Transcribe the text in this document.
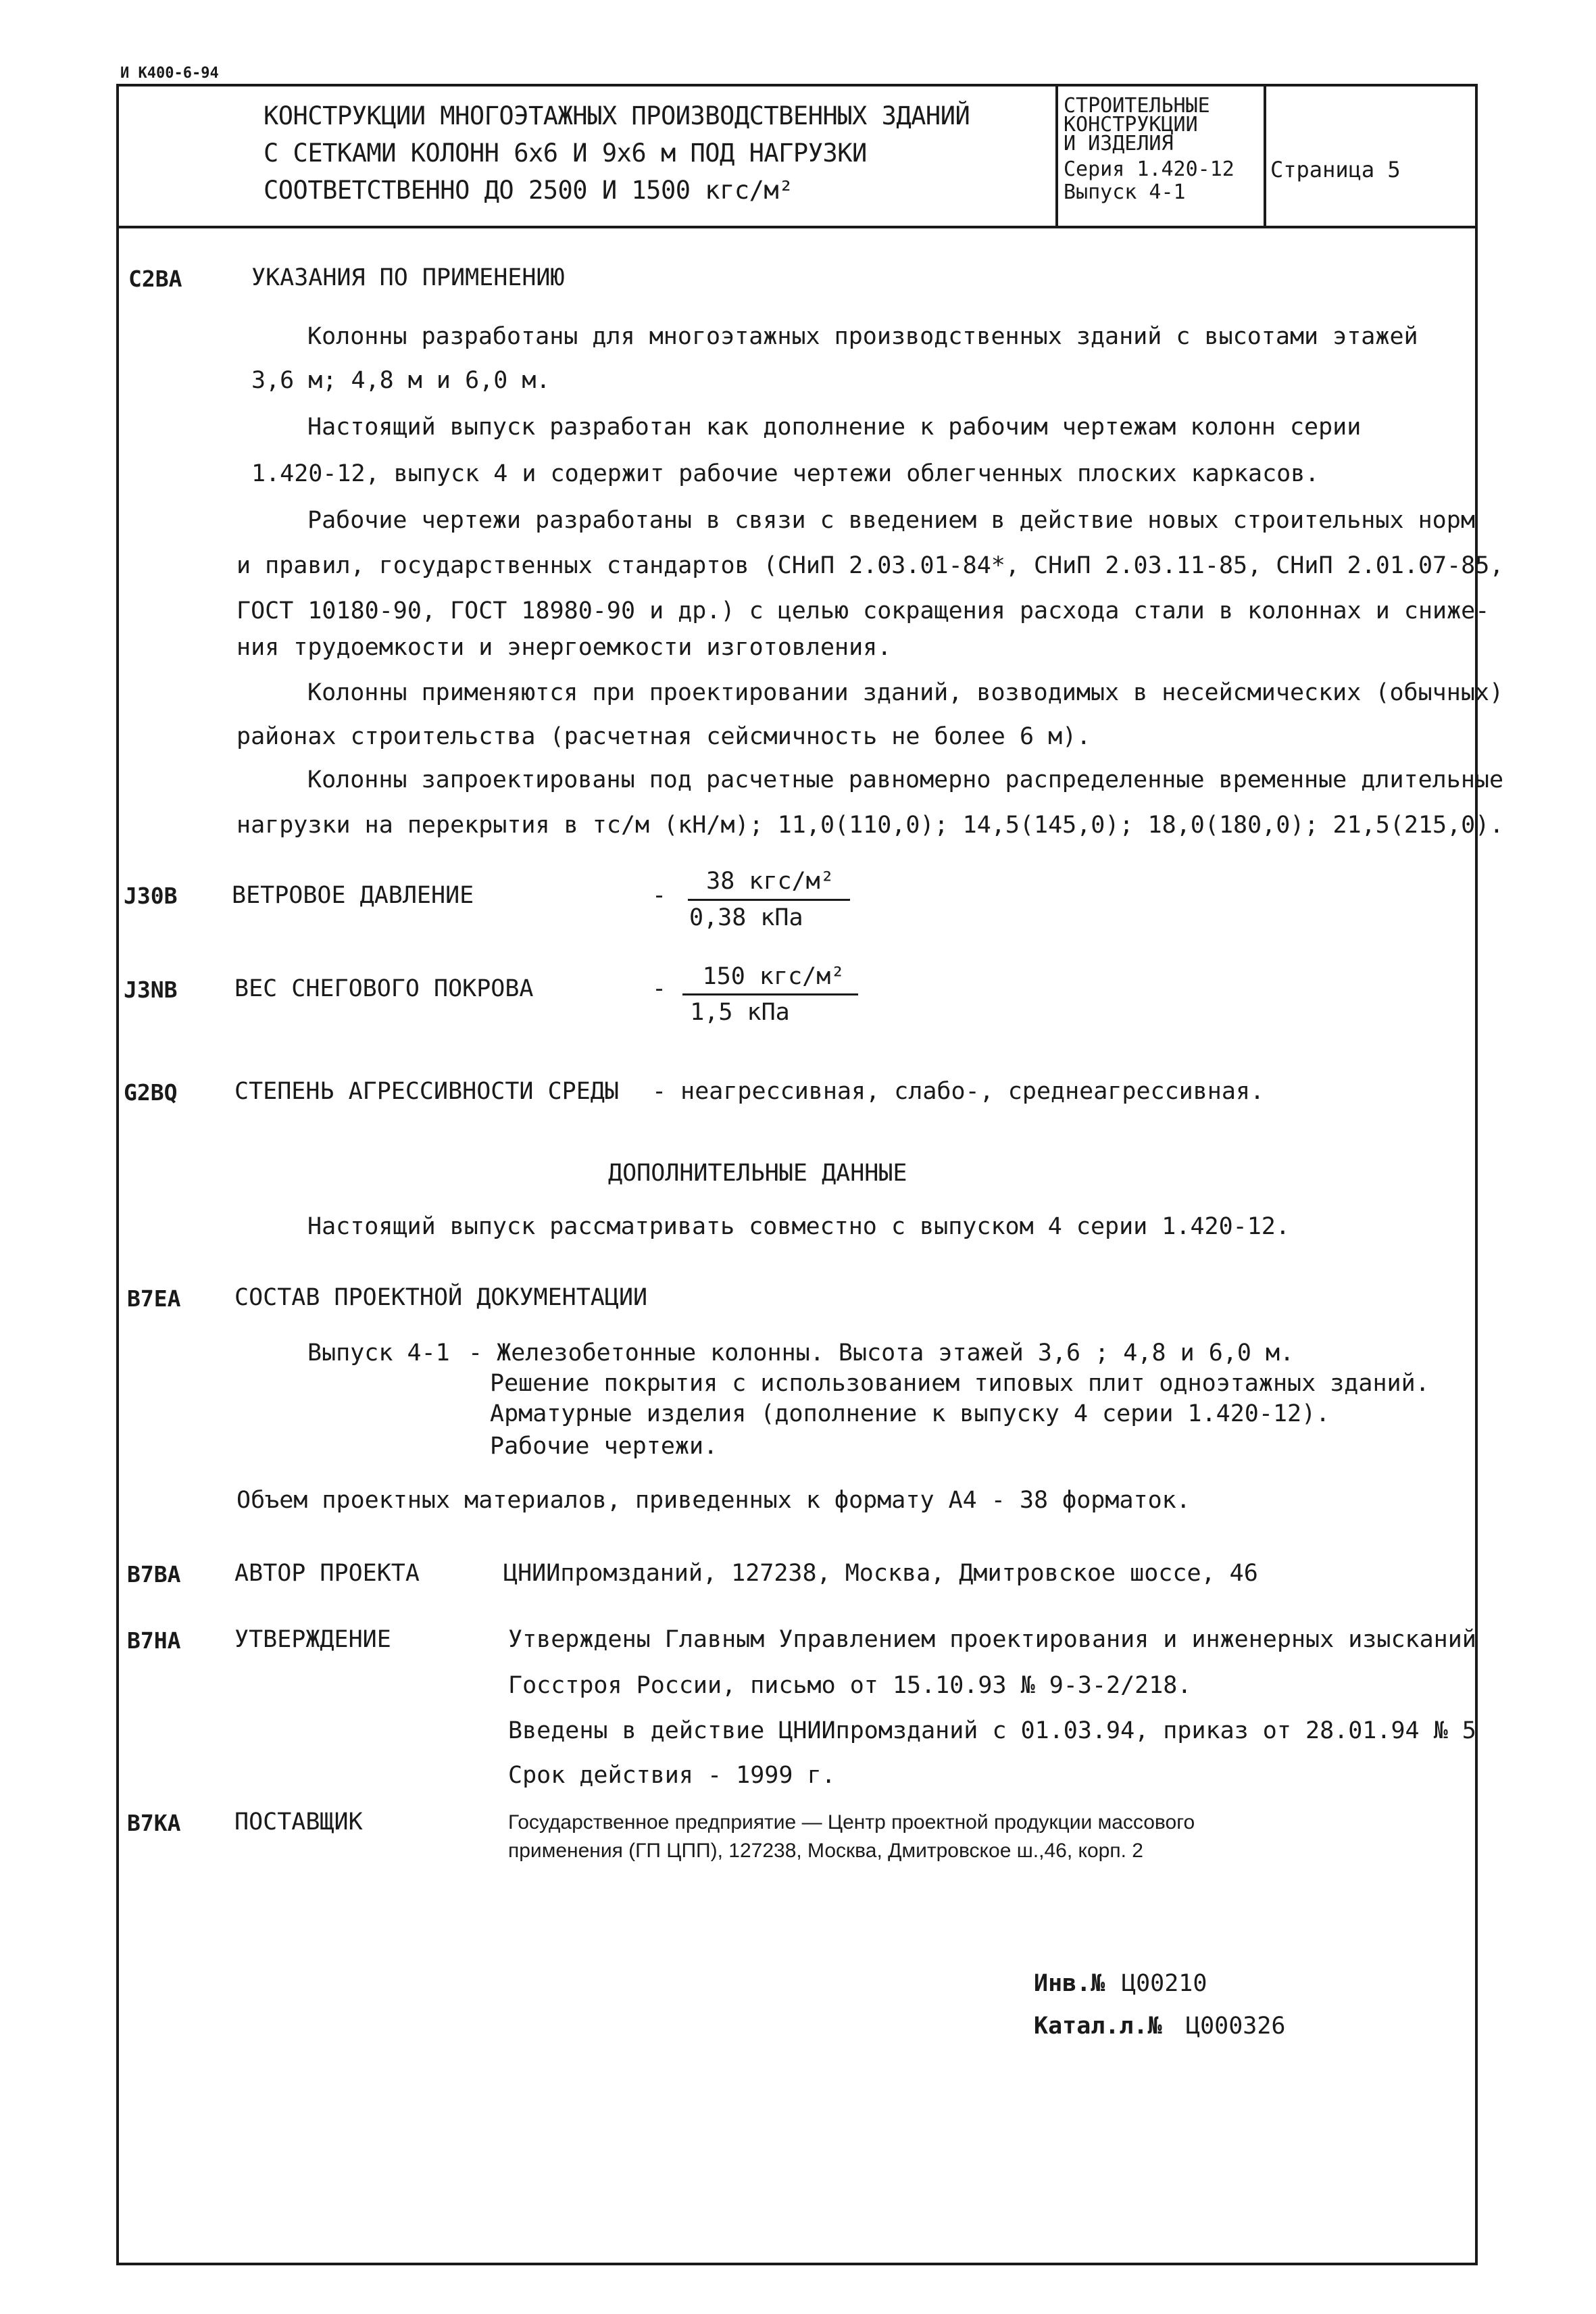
И К400-6-94
КОНСТРУКЦИИ МНОГОЭТАЖНЫХ ПРОИЗВОДСТВЕННЫХ ЗДАНИЙ
С СЕТКАМИ КОЛОНН 6х6 И 9х6 м ПОД НАГРУЗКИ
СООТВЕТСТВЕННО ДО 2500 И 1500 кгс/м²
СТРОИТЕЛЬНЫЕ
КОНСТРУКЦИИ
И ИЗДЕЛИЯ
Серия 1.420-12
Выпуск 4-1
Страница 5
C2BA	УКАЗАНИЯ ПО ПРИМЕНЕНИЮ
Колонны разработаны для многоэтажных производственных зданий с высотами этажей
3,6 м; 4,8 м и 6,0 м.
Настоящий выпуск разработан как дополнение к рабочим чертежам колонн серии
1.420-12, выпуск 4 и содержит рабочие чертежи облегченных плоских каркасов.
Рабочие чертежи разработаны в связи с введением в действие новых строительных норм
и правил, государственных стандартов (СНиП 2.03.01-84*, СНиП 2.03.11-85, СНиП 2.01.07-85,
ГОСТ 10180-90, ГОСТ 18980-90 и др.) с целью сокращения расхода стали в колоннах и сниже-
ния трудоемкости и энергоемкости изготовления.
Колонны применяются при проектировании зданий, возводимых в несейсмических (обычных)
районах строительства (расчетная сейсмичность не более 6 м).
Колонны запроектированы под расчетные равномерно распределенные временные длительные
нагрузки на перекрытия в тс/м (кН/м); 11,0(110,0); 14,5(145,0); 18,0(180,0); 21,5(215,0).
J30B ВЕТРОВОЕ ДАВЛЕНИЕ	-
38 кгс/м²
0,38 кПа
J3NB ВЕС СНЕГОВОГО ПОКРОВА	-	150 кгс/м²
1,5 кПа
G2BQ СТЕПЕНЬ АГРЕССИВНОСТИ СРЕДЫ - неагрессивная, слабо-, среднеагрессивная.
ДОПОЛНИТЕЛЬНЫЕ ДАННЫЕ
Настоящий выпуск рассматривать совместно с выпуском 4 серии 1.420-12.
B7EA СОСТАВ ПРОЕКТНОЙ ДОКУМЕНТАЦИИ
Выпуск 4-1 - Железобетонные колонны. Высота этажей 3,6 ; 4,8 и 6,0 м.
Решение покрытия с использованием типовых плит одноэтажных зданий.
Арматурные изделия (дополнение к выпуску 4 серии 1.420-12).
Рабочие чертежи.
Объем проектных материалов, приведенных к формату А4 - 38 форматок.
B7BA АВТОР ПРОЕКТА	ЦНИИпромзданий, 127238, Москва, Дмитровское шоссе, 46
B7HA УТВЕРЖДЕНИЕ	Утверждены Главным Управлением проектирования и инженерных изысканий
Госстроя России, письмо от 15.10.93 № 9-3-2/218.
Введены в действие ЦНИИпромзданий с 01.03.94, приказ от 28.01.94 № 5
Срок действия - 1999 г.
B7KA ПОСТАВЩИК	Государственное предприятие — Центр проектной продукции массового
применения (ГП ЦПП), 127238, Москва, Дмитровское ш.,46, корп. 2
Инв.№ Ц00210
Катал.л.№ Ц000326
